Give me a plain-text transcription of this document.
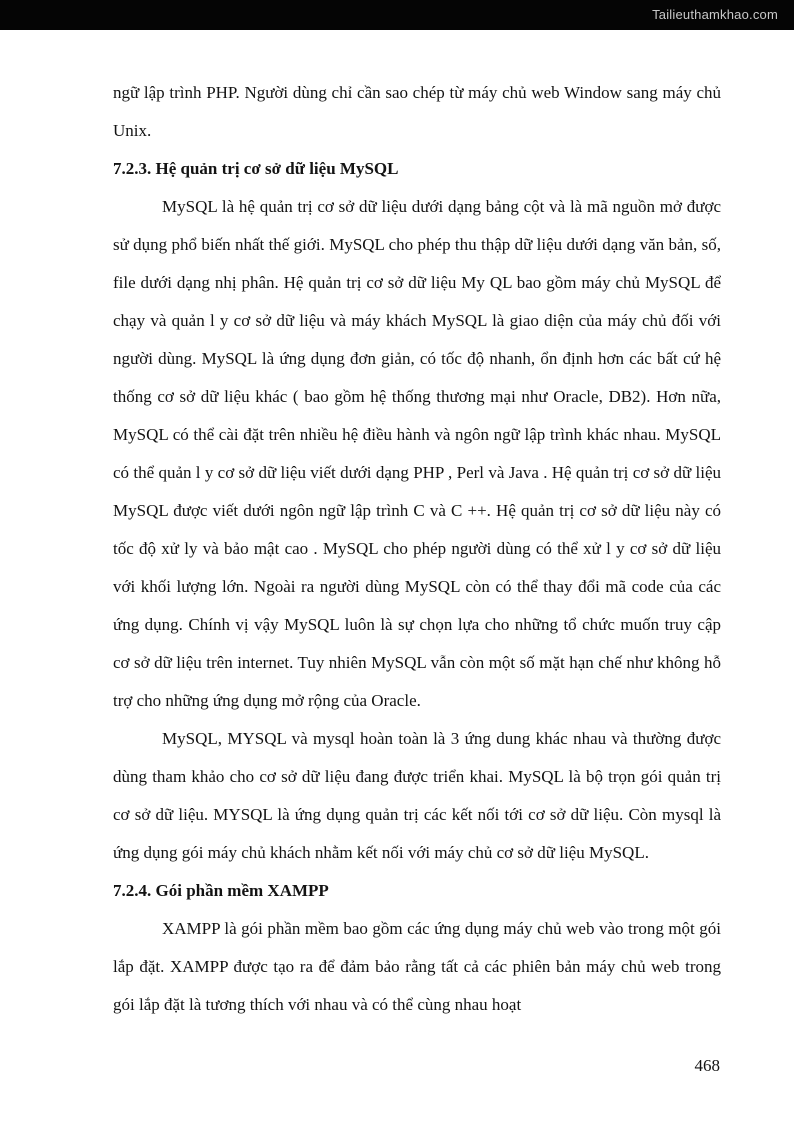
Tailieuthamkhao.com
ngữ lập trình PHP. Người dùng chỉ cần sao chép từ máy chủ web Window sang máy chủ Unix.
7.2.3. Hệ quản trị cơ sở dữ liệu MySQL
MySQL là hệ quản trị cơ sở dữ liệu dưới dạng bảng cột và là mã nguồn mở được sử dụng phổ biến nhất thế giới. MySQL cho phép thu thập dữ liệu dưới dạng văn bản, số, file dưới dạng nhị phân. Hệ quản trị cơ sở dữ liệu My QL bao gồm máy chủ MySQL để chạy và quản l y cơ sở dữ liệu và máy khách MySQL là giao diện của máy chủ đối với người dùng. MySQL là ứng dụng đơn giản, có tốc độ nhanh, ổn định hơn các bất cứ hệ thống cơ sở dữ liệu khác ( bao gồm hệ thống thương mại như Oracle, DB2). Hơn nữa, MySQL có thể cài đặt trên nhiều hệ điều hành và ngôn ngữ lập trình khác nhau. MySQL có thể quản l y cơ sở dữ liệu viết dưới dạng PHP , Perl và Java . Hệ quản trị cơ sở dữ liệu MySQL được viết dưới ngôn ngữ lập trình C và C ++. Hệ quản trị cơ sở dữ liệu này có tốc độ xử ly và bảo mật cao . MySQL cho phép người dùng có thể xử l y cơ sở dữ liệu với khối lượng lớn. Ngoài ra người dùng MySQL còn có thể thay đổi mã code của các ứng dụng. Chính vị vậy MySQL luôn là sự chọn lựa cho những tổ chức muốn truy cập cơ sở dữ liệu trên internet. Tuy nhiên MySQL vẫn còn một số mặt hạn chế như không hỗ trợ cho những ứng dụng mở rộng của Oracle.
MySQL, MYSQL và mysql hoàn toàn là 3 ứng dung khác nhau và thường được dùng tham khảo cho cơ sở dữ liệu đang được triển khai. MySQL là bộ trọn gói quản trị cơ sở dữ liệu. MYSQL là ứng dụng quản trị các kết nối tới cơ sở dữ liệu. Còn mysql là ứng dụng gói máy chủ khách nhằm kết nối với máy chủ cơ sở dữ liệu MySQL.
7.2.4. Gói phần mềm XAMPP
XAMPP là gói phần mềm bao gồm các ứng dụng máy chủ web vào trong một gói lắp đặt. XAMPP được tạo ra để đảm bảo rằng tất cả các phiên bản máy chủ web trong gói lắp đặt là tương thích với nhau và có thể cùng nhau hoạt
468
